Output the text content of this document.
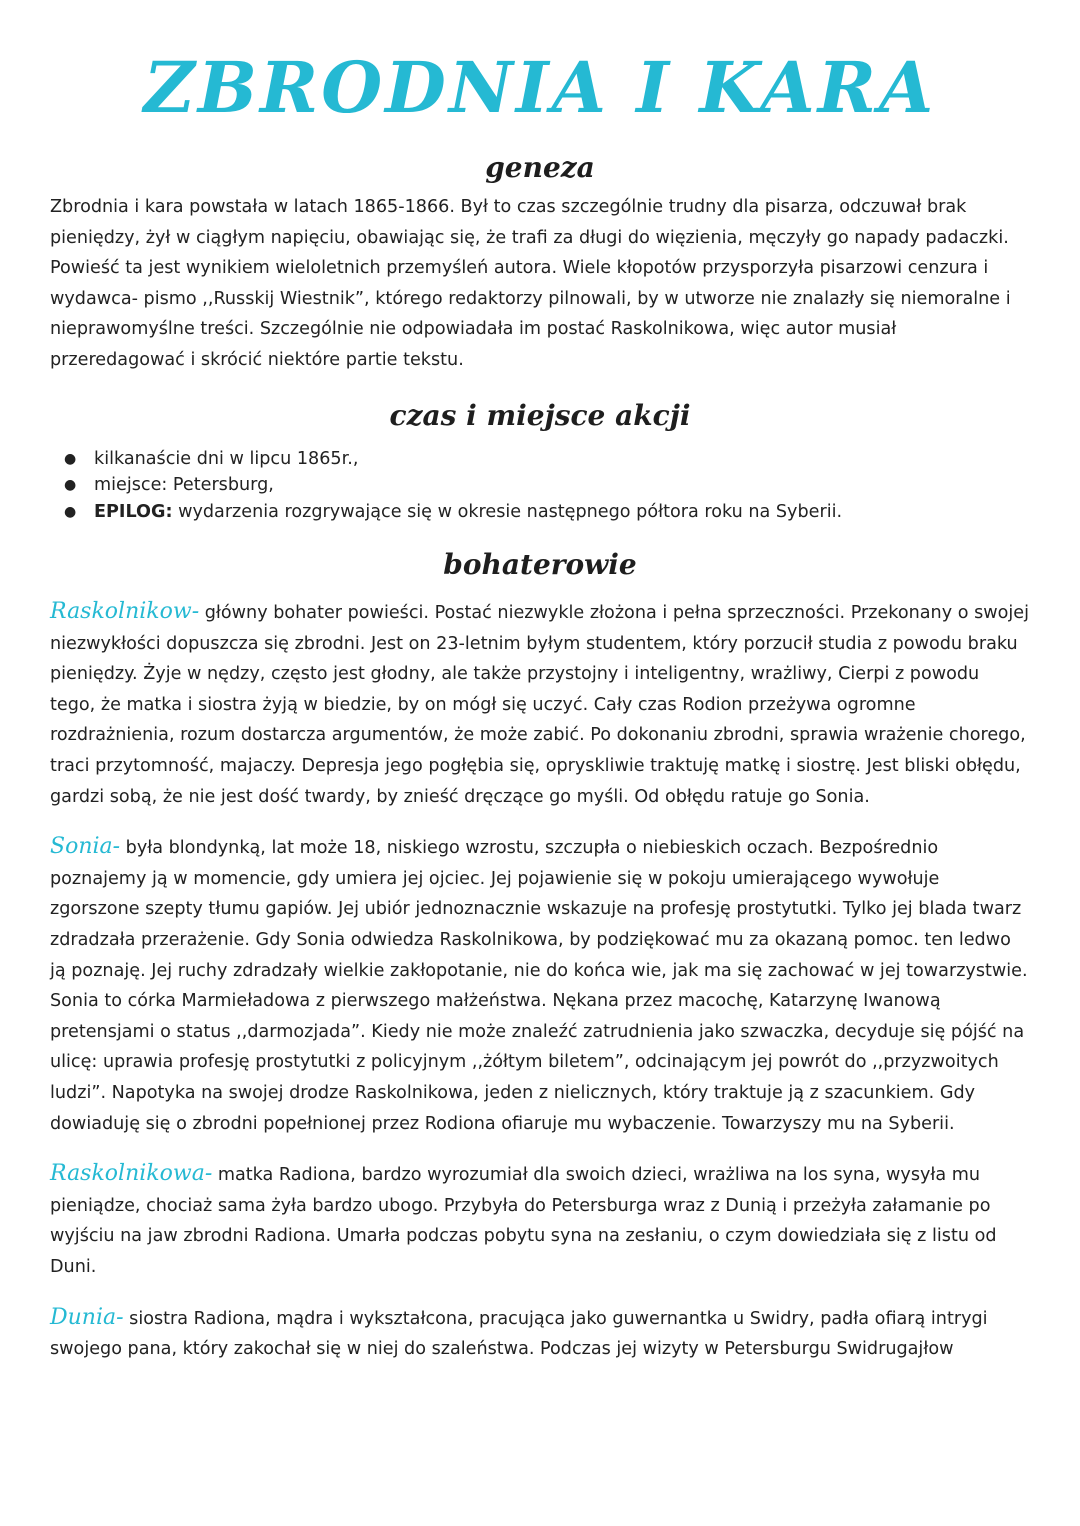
ZBRODNIA I KARA
geneza

Zbrodnia i kara powstała w latach 1865-1866. Był to czas szczególnie trudny dla pisarza, odczuwał brak pieniędzy, żył w ciągłym napięciu, obawiając się, że trafi za długi do więzienia, męczyły go napady padaczki. Powieść ta jest wynikiem wieloletnich przemyśleń autora. Wiele kłopotów przysporzyła pisarzowi cenzura i wydawca- pismo ,,Russkij Wiestnik”, którego redaktorzy pilnowali, by w utworze nie znalazły się niemoralne i nieprawomyślne treści. Szczególnie nie odpowiadała im postać Raskolnikowa, więc autor musiał przeredagować i skrócić niektóre partie tekstu.

czas i miejsce akcji
● kilkanaście dni w lipcu 1865r.,
● miejsce: Petersburg,
● EPILOG: wydarzenia rozgrywające się w okresie następnego półtora roku na Syberii.
bohaterowie

Raskolnikow- główny bohater powieści. Postać niezwykle złożona i pełna sprzeczności. Przekonany o swojej niezwykłości dopuszcza się zbrodni. Jest on 23-letnim byłym studentem, który porzucił studia z powodu braku pieniędzy. Żyje w nędzy, często jest głodny, ale także przystojny i inteligentny, wrażliwy, Cierpi z powodu tego, że matka i siostra żyją w biedzie, by on mógł się uczyć. Cały czas Rodion przeżywa ogromne rozdrażnienia, rozum dostarcza argumentów, że może zabić. Po dokonaniu zbrodni, sprawia wrażenie chorego, traci przytomność, majaczy. Depresja jego pogłębia się, opryskliwie traktuję matkę i siostrę. Jest bliski obłędu, gardzi sobą, że nie jest dość twardy, by znieść dręczące go myśli. Od obłędu ratuje go Sonia.

Sonia- była blondynką, lat może 18, niskiego wzrostu, szczupła o niebieskich oczach. Bezpośrednio poznajemy ją w momencie, gdy umiera jej ojciec. Jej pojawienie się w pokoju umierającego wywołuje zgorszone szepty tłumu gapiów. Jej ubiór jednoznacznie wskazuje na profesję prostytutki. Tylko jej blada twarz zdradzała przerażenie. Gdy Sonia odwiedza Raskolnikowa, by podziękować mu za okazaną pomoc. ten ledwo ją poznaję. Jej ruchy zdradzały wielkie zakłopotanie, nie do końca wie, jak ma się zachować w jej towarzystwie. Sonia to córka Marmieładowa z pierwszego małżeństwa. Nękana przez macochę, Katarzynę Iwanową pretensjami o status ,,darmozjada”. Kiedy nie może znaleźć zatrudnienia jako szwaczka, decyduje się pójść na ulicę: uprawia profesję prostytutki z policyjnym ,,żółtym biletem”, odcinającym jej powrót do ,,przyzwoitych ludzi”. Napotyka na swojej drodze Raskolnikowa, jeden z nielicznych, który traktuje ją z szacunkiem. Gdy dowiaduję się o zbrodni popełnionej przez Rodiona ofiaruje mu wybaczenie. Towarzyszy mu na Syberii.

Raskolnikowa- matka Radiona, bardzo wyrozumiał dla swoich dzieci, wrażliwa na los syna, wysyła mu pieniądze, chociaż sama żyła bardzo ubogo. Przybyła do Petersburga wraz z Dunią i przeżyła załamanie po wyjściu na jaw zbrodni Radiona. Umarła podczas pobytu syna na zesłaniu, o czym dowiedziała się z listu od Duni.

Dunia- siostra Radiona, mądra i wykształcona, pracująca jako guwernantka u Swidry, padła ofiarą intrygi swojego pana, który zakochał się w niej do szaleństwa. Podczas jej wizyty w Petersburgu Swidrugajłow
